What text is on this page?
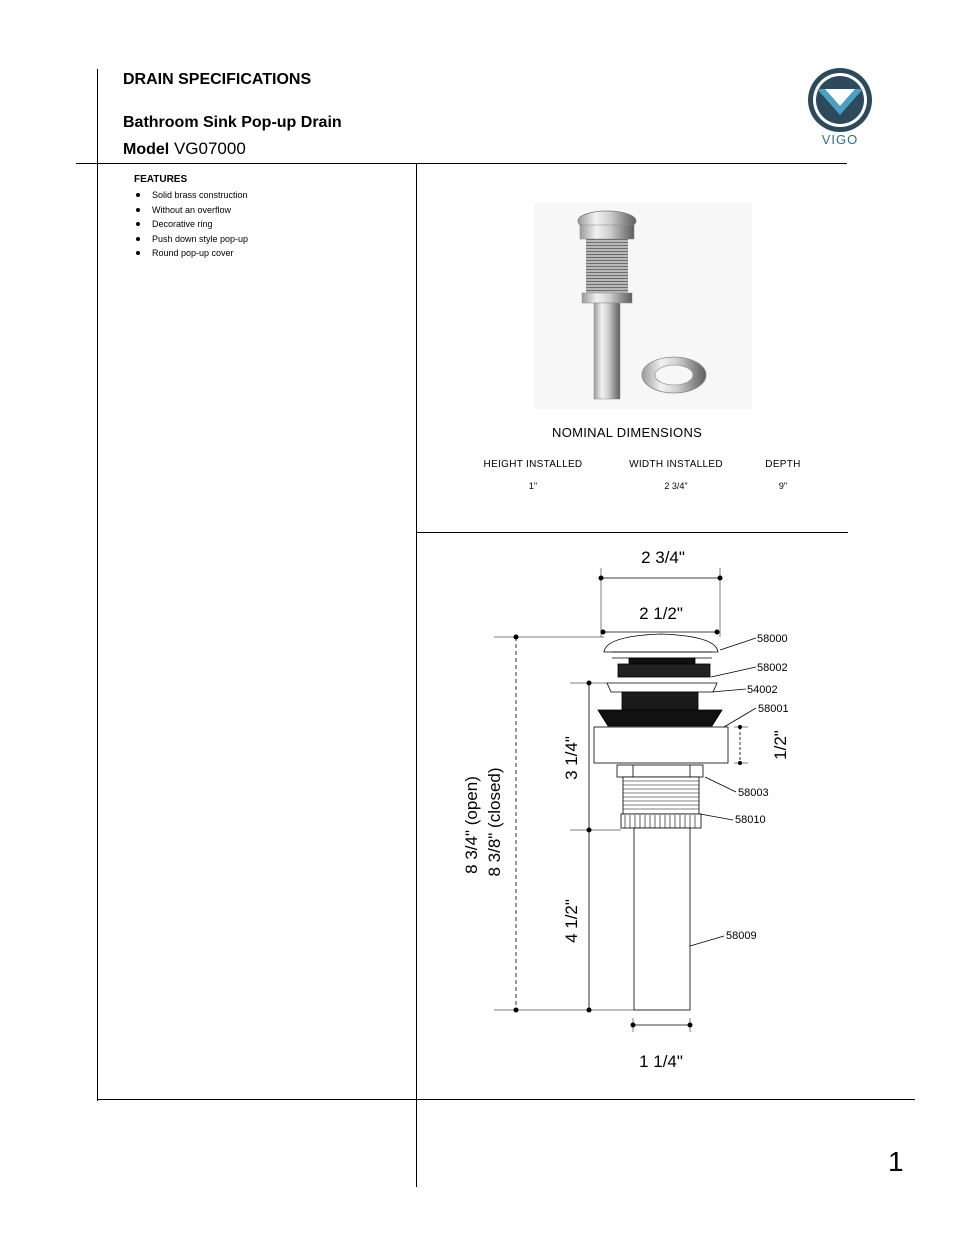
DRAIN SPECIFICATIONS
Bathroom Sink Pop-up Drain
Model VG07000	VIGO
FEATURES
Solid brass construction
Without an overflow
Decorative ring
Push down style pop-up
Round pop-up cover
NOMINAL DIMENSIONS
HEIGHT INSTALLED
1"
WIDTH INSTALLED
2 3/4"
DEPTH
9"
2 3/4"
2 1/2"
1 1/4"
3 1/4"
4 1/2"
1/2"
8 3/4" (open) 8 3/8" (closed)
58000
58002
54002
58001
58003
58010
58009
1
